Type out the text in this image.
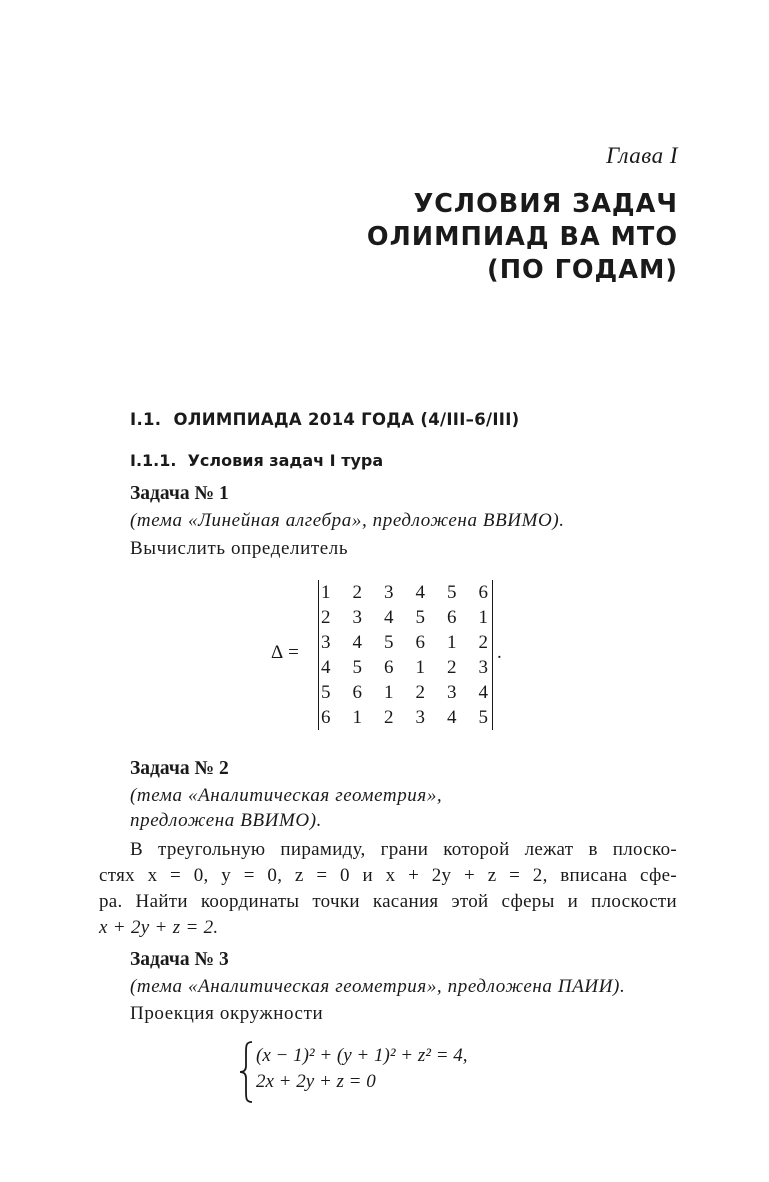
Глава I
УСЛОВИЯ ЗАДАЧ
ОЛИМПИАД ВА МТО
(ПО ГОДАМ)
I.1.  ОЛИМПИАДА 2014 ГОДА (4/III–6/III)
I.1.1.  Условия задач I тура
Задача № 1
(тема «Линейная алгебра», предложена ВВИМО).
Вычислить определитель
Δ =
1	2	3	4	5	6
2	3	4	5	6	1
3	4	5	6	1	2
4	5	6	1	2	3
5	6	1	2	3	4
6	1	2	3	4	5
.
Задача № 2
(тема «Аналитическая геометрия»,
предложена ВВИМО).
В треугольную пирамиду, грани которой лежат в плоско-
стях x = 0, y = 0, z = 0 и x + 2y + z = 2, вписана сфе-
ра. Найти координаты точки касания этой сферы и плоскости
x + 2y + z = 2.
Задача № 3
(тема «Аналитическая геометрия», предложена ПАИИ).
Проекция окружности
(x − 1)² + (y + 1)² + z² = 4,
2x + 2y + z = 0
